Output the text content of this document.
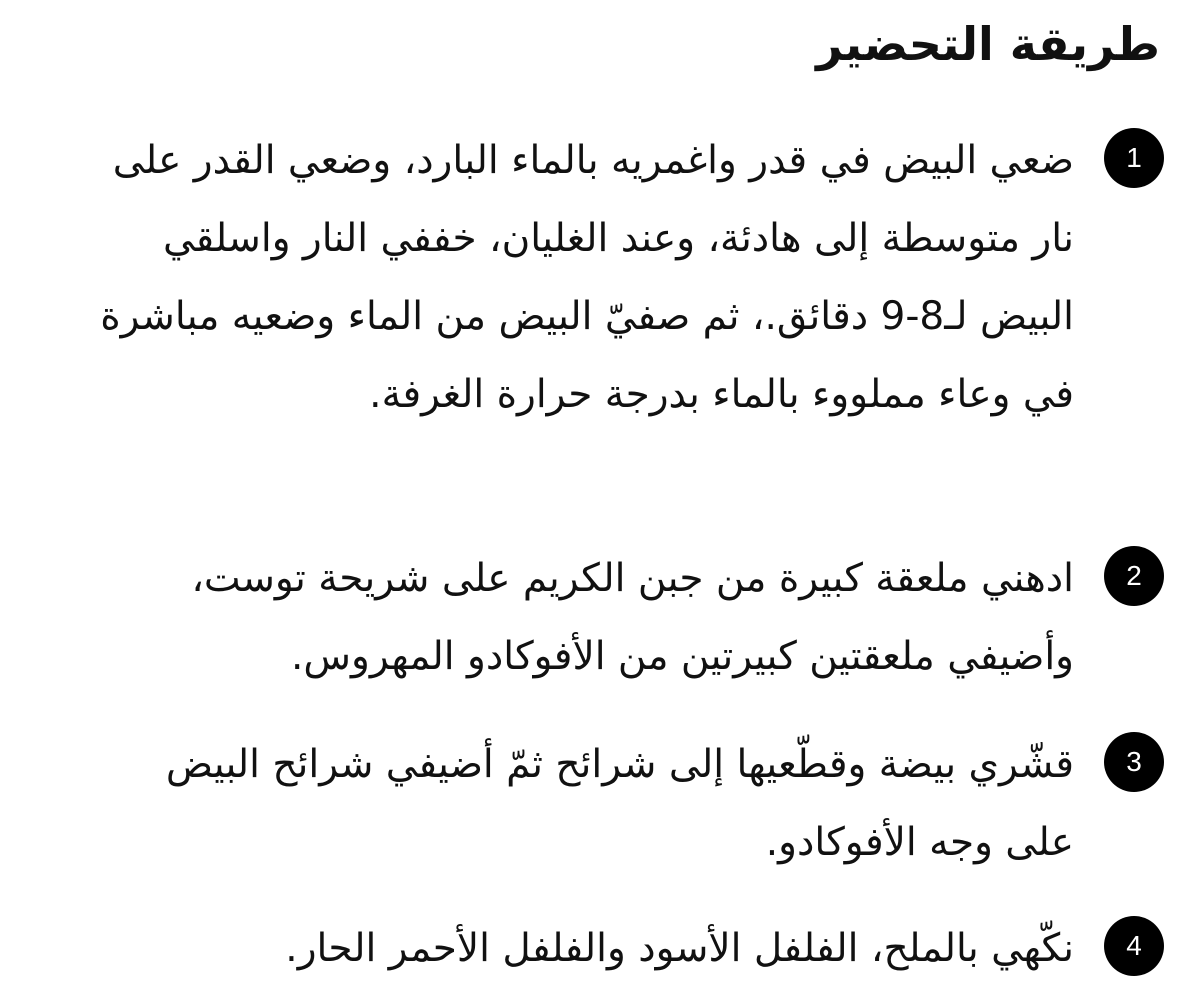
طريقة التحضير
1

ضعي البيض في قدر واغمريه بالماء البارد، وضعي القدر على نار متوسطة إلى هادئة، وعند الغليان، خففي النار واسلقي البيض لـ8-9 دقائق.، ثم صفيّ البيض من الماء وضعيه مباشرة في وعاء مملووء بالماء بدرجة حرارة الغرفة.

2

ادهني ملعقة كبيرة من جبن الكريم على شريحة توست، وأضيفي ملعقتين كبيرتين من الأفوكادو المهروس.

3

قشّري بيضة وقطّعيها إلى شرائح ثمّ أضيفي شرائح البيض على وجه الأفوكادو.

4

نكّهي بالملح، الفلفل الأسود والفلفل الأحمر الحار.
